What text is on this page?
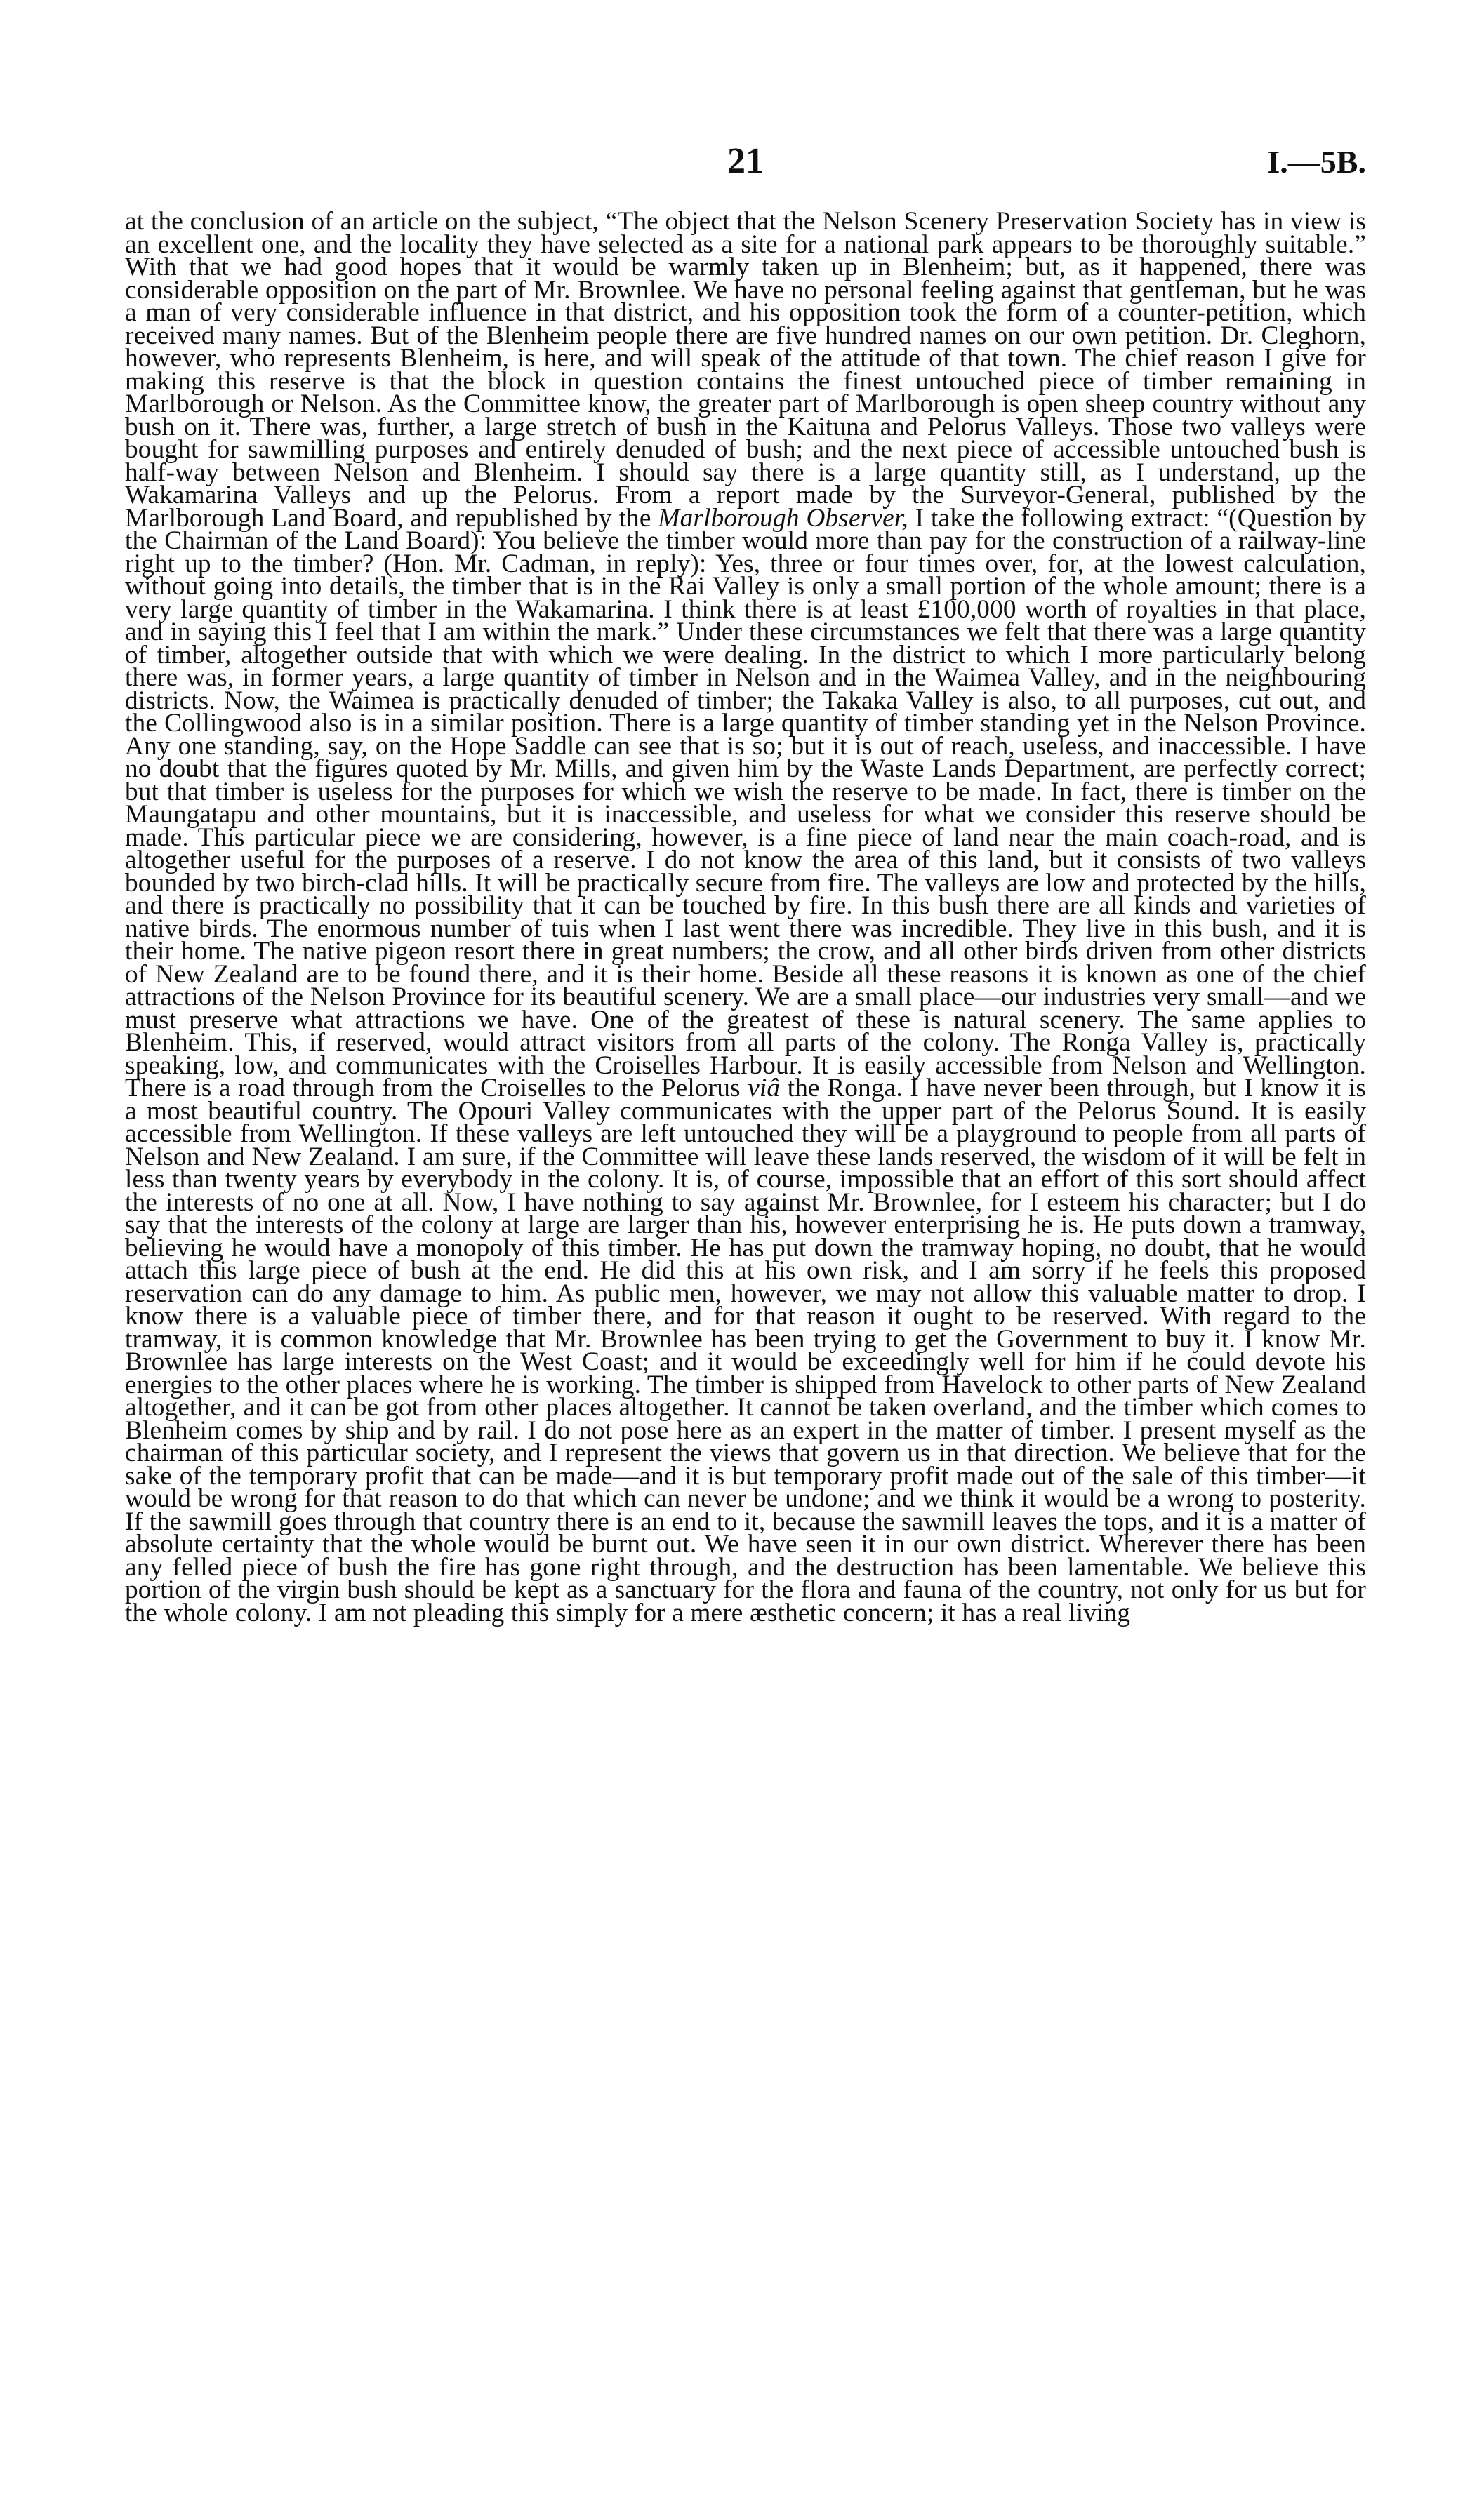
21	I.—5B.
at the conclusion of an article on the subject, “The object that the Nelson Scenery Preservation Society has in view is an excellent one, and the locality they have selected as a site for a national park appears to be thoroughly suitable.” With that we had good hopes that it would be warmly taken up in Blenheim; but, as it happened, there was considerable opposition on the part of Mr. Brownlee. We have no personal feeling against that gentleman, but he was a man of very considerable influence in that district, and his opposition took the form of a counter-petition, which received many names. But of the Blenheim people there are five hundred names on our own petition. Dr. Cleghorn, however, who represents Blenheim, is here, and will speak of the attitude of that town. The chief reason I give for making this reserve is that the block in question contains the finest untouched piece of timber remaining in Marlborough or Nelson. As the Committee know, the greater part of Marlborough is open sheep country without any bush on it. There was, further, a large stretch of bush in the Kaituna and Pelorus Valleys. Those two valleys were bought for sawmilling purposes and entirely denuded of bush; and the next piece of accessible untouched bush is half-way between Nelson and Blenheim. I should say there is a large quantity still, as I understand, up the Wakamarina Valleys and up the Pelorus. From a report made by the Surveyor-General, published by the Marlborough Land Board, and republished by the Marlborough Observer, I take the following extract: “(Question by the Chairman of the Land Board): You believe the timber would more than pay for the construction of a railway-line right up to the timber? (Hon. Mr. Cadman, in reply): Yes, three or four times over, for, at the lowest calculation, without going into details, the timber that is in the Rai Valley is only a small portion of the whole amount; there is a very large quantity of timber in the Wakamarina. I think there is at least £100,000 worth of royalties in that place, and in saying this I feel that I am within the mark.” Under these circumstances we felt that there was a large quantity of timber, altogether outside that with which we were dealing. In the district to which I more particularly belong there was, in former years, a large quantity of timber in Nelson and in the Waimea Valley, and in the neighbouring districts. Now, the Waimea is practically denuded of timber; the Takaka Valley is also, to all purposes, cut out, and the Collingwood also is in a similar position. There is a large quantity of timber standing yet in the Nelson Province. Any one standing, say, on the Hope Saddle can see that is so; but it is out of reach, useless, and inaccessible. I have no doubt that the figures quoted by Mr. Mills, and given him by the Waste Lands Department, are perfectly correct; but that timber is useless for the purposes for which we wish the reserve to be made. In fact, there is timber on the Maungatapu and other mountains, but it is inaccessible, and useless for what we consider this reserve should be made. This particular piece we are considering, however, is a fine piece of land near the main coach-road, and is altogether useful for the purposes of a reserve. I do not know the area of this land, but it consists of two valleys bounded by two birch-clad hills. It will be practically secure from fire. The valleys are low and protected by the hills, and there is practically no possibility that it can be touched by fire. In this bush there are all kinds and varieties of native birds. The enormous number of tuis when I last went there was incredible. They live in this bush, and it is their home. The native pigeon resort there in great numbers; the crow, and all other birds driven from other districts of New Zealand are to be found there, and it is their home. Beside all these reasons it is known as one of the chief attractions of the Nelson Province for its beautiful scenery. We are a small place—our industries very small—and we must preserve what attractions we have. One of the greatest of these is natural scenery. The same applies to Blenheim. This, if reserved, would attract visitors from all parts of the colony. The Ronga Valley is, practically speaking, low, and communicates with the Croiselles Harbour. It is easily accessible from Nelson and Wellington. There is a road through from the Croiselles to the Pelorus viâ the Ronga. I have never been through, but I know it is a most beautiful country. The Opouri Valley communicates with the upper part of the Pelorus Sound. It is easily accessible from Wellington. If these valleys are left untouched they will be a playground to people from all parts of Nelson and New Zealand. I am sure, if the Committee will leave these lands reserved, the wisdom of it will be felt in less than twenty years by everybody in the colony. It is, of course, impossible that an effort of this sort should affect the interests of no one at all. Now, I have nothing to say against Mr. Brownlee, for I esteem his character; but I do say that the interests of the colony at large are larger than his, however enterprising he is. He puts down a tramway, believing he would have a monopoly of this timber. He has put down the tramway hoping, no doubt, that he would attach this large piece of bush at the end. He did this at his own risk, and I am sorry if he feels this proposed reservation can do any damage to him. As public men, however, we may not allow this valuable matter to drop. I know there is a valuable piece of timber there, and for that reason it ought to be reserved. With regard to the tramway, it is common knowledge that Mr. Brownlee has been trying to get the Government to buy it. I know Mr. Brownlee has large interests on the West Coast; and it would be exceedingly well for him if he could devote his energies to the other places where he is working. The timber is shipped from Havelock to other parts of New Zealand altogether, and it can be got from other places altogether. It cannot be taken overland, and the timber which comes to Blenheim comes by ship and by rail. I do not pose here as an expert in the matter of timber. I present myself as the chairman of this particular society, and I represent the views that govern us in that direction. We believe that for the sake of the temporary profit that can be made—and it is but temporary profit made out of the sale of this timber—it would be wrong for that reason to do that which can never be undone; and we think it would be a wrong to posterity. If the sawmill goes through that country there is an end to it, because the sawmill leaves the tops, and it is a matter of absolute certainty that the whole would be burnt out. We have seen it in our own district. Wherever there has been any felled piece of bush the fire has gone right through, and the destruction has been lamentable. We believe this portion of the virgin bush should be kept as a sanctuary for the flora and fauna of the country, not only for us but for the whole colony. I am not pleading this simply for a mere æsthetic concern; it has a real living
